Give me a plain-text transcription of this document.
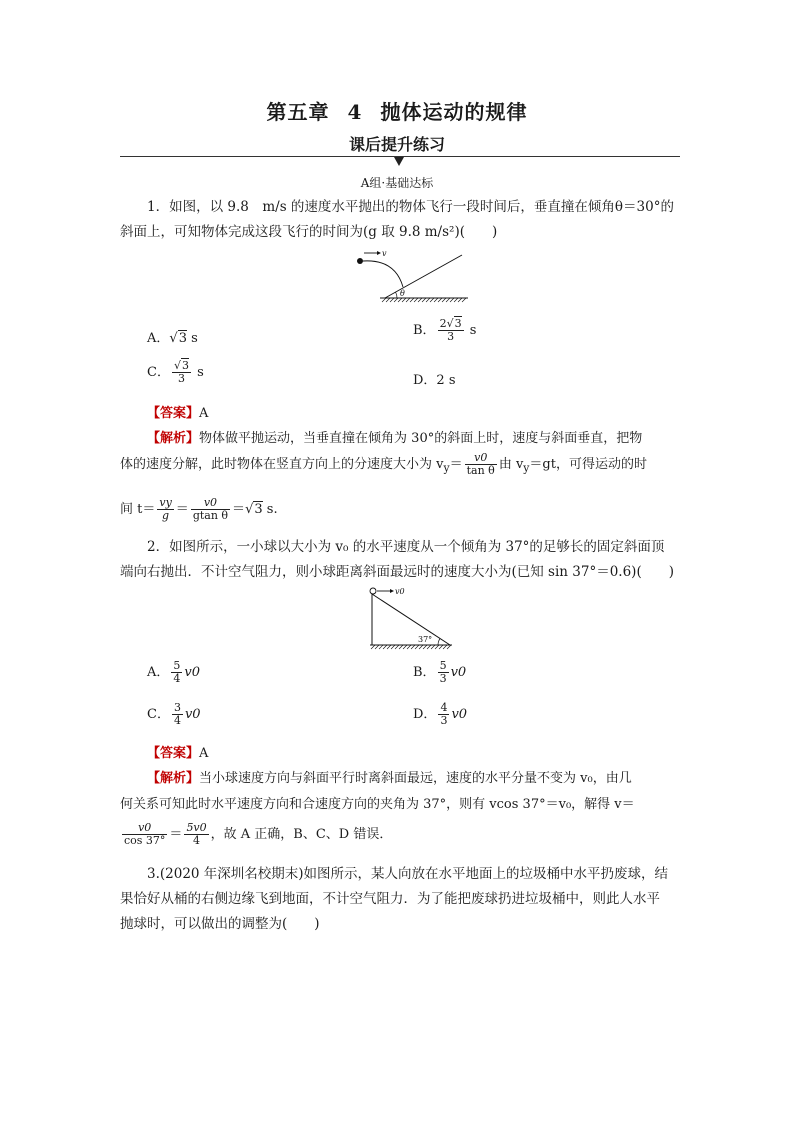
第五章 4 抛体运动的规律
课后提升练习
A组·基础达标
1．如图，以 9.8　m/s 的速度水平抛出的物体飞行一段时间后，垂直撞在倾角θ＝30°的
斜面上，可知物体完成这段飞行的时间为(g 取 9.8 m/s²)(　　)
v
θ
A．√3 s
B． $\frac{2√3}{3}$ s
C． $\frac{√3}{3}$ s
D．2 s
【答案】A
【解析】物体做平抛运动，当垂直撞在倾角为 30°的斜面上时，速度与斜面垂直，把物
体的速度分解，此时物体在竖直方向上的分速度大小为 $v_y= \frac{v0}{\text{tan θ}}$ 由 $v_y=gt$，可得运动的时
间 $t= \frac{vy}{g} = \frac{v0}{\text{gtan θ}} =√3$ s.
2．如图所示，一小球以大小为 v₀ 的水平速度从一个倾角为 37°的足够长的固定斜面顶
端向右抛出．不计空气阻力，则小球距离斜面最远时的速度大小为(已知 sin 37°＝0.6)(　　)
v0
37°
A． $\frac{5}{4} v0$	B． $\frac{5}{3} v0$
C． $\frac{3}{4} v0$	D． $\frac{4}{3} v0$
【答案】A
【解析】当小球速度方向与斜面平行时离斜面最远，速度的水平分量不变为 v₀，由几
何关系可知此时水平速度方向和合速度方向的夹角为 37°，则有 vcos 37°＝v₀，解得 v＝
$\frac{v0}{\cos 37^\circ} = \frac{5v0}{4}$ ，故 A 正确，B、C、D 错误．
3.(2020 年深圳名校期末)如图所示，某人向放在水平地面上的垃圾桶中水平扔废球，结
果恰好从桶的右侧边缘飞到地面，不计空气阻力．为了能把废球扔进垃圾桶中，则此人水平
抛球时，可以做出的调整为(　　)
